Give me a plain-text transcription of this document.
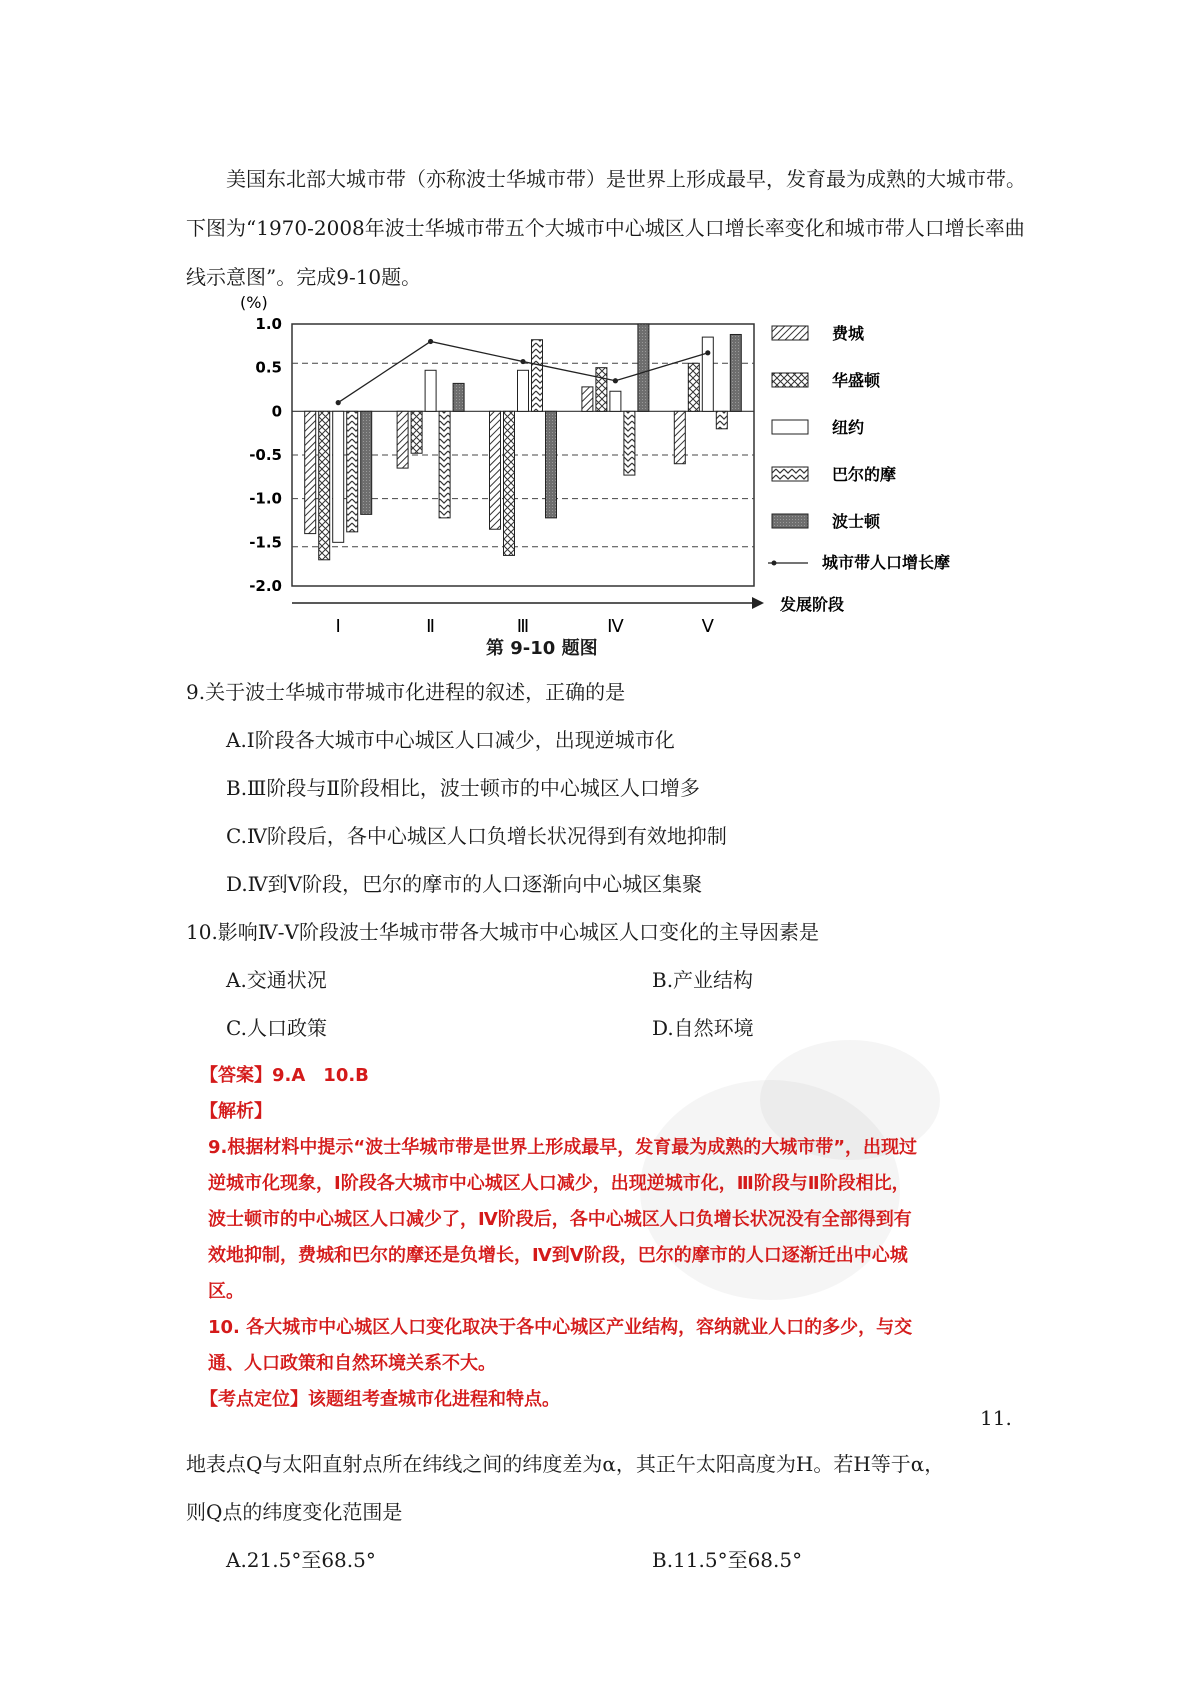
美国东北部大城市带（亦称波士华城市带）是世界上形成最早，发育最为成熟的大城市带。下图为“1970-2008年波士华城市带五个大城市中心城区人口增长率变化和城市带人口增长率曲线示意图”。完成9-10题。
(%)
1.0
0.5
0
-0.5
-1.0
-1.5
-2.0
Ⅰ	Ⅱ	Ⅲ	Ⅳ	Ⅴ
发展阶段
费城
华盛顿
纽约
巴尔的摩
波士顿
城市带人口增长摩
第 9-10 题图
9.关于波士华城市带城市化进程的叙述，正确的是
A.Ⅰ阶段各大城市中心城区人口减少，出现逆城市化
B.Ⅲ阶段与Ⅱ阶段相比，波士顿市的中心城区人口增多
C.Ⅳ阶段后，各中心城区人口负增长状况得到有效地抑制
D.Ⅳ到Ⅴ阶段，巴尔的摩市的人口逐渐向中心城区集聚
10.影响Ⅳ-Ⅴ阶段波士华城市带各大城市中心城区人口变化的主导因素是
A.交通状况	B.产业结构
C.人口政策	D.自然环境
【答案】9.A　10.B
【解析】
9.根据材料中提示“波士华城市带是世界上形成最早，发育最为成熟的大城市带”，出现过
逆城市化现象，Ⅰ阶段各大城市中心城区人口减少，出现逆城市化，Ⅲ阶段与Ⅱ阶段相比，
波士顿市的中心城区人口减少了，Ⅳ阶段后，各中心城区人口负增长状况没有全部得到有
效地抑制，费城和巴尔的摩还是负增长，Ⅳ到Ⅴ阶段，巴尔的摩市的人口逐渐迁出中心城
区。
10. 各大城市中心城区人口变化取决于各中心城区产业结构，容纳就业人口的多少，与交
通、人口政策和自然环境关系不大。
【考点定位】该题组考查城市化进程和特点。
11.
地表点Q与太阳直射点所在纬线之间的纬度差为α，其正午太阳高度为H。若H等于α，
则Q点的纬度变化范围是
A.21.5°至68.5°	B.11.5°至68.5°
